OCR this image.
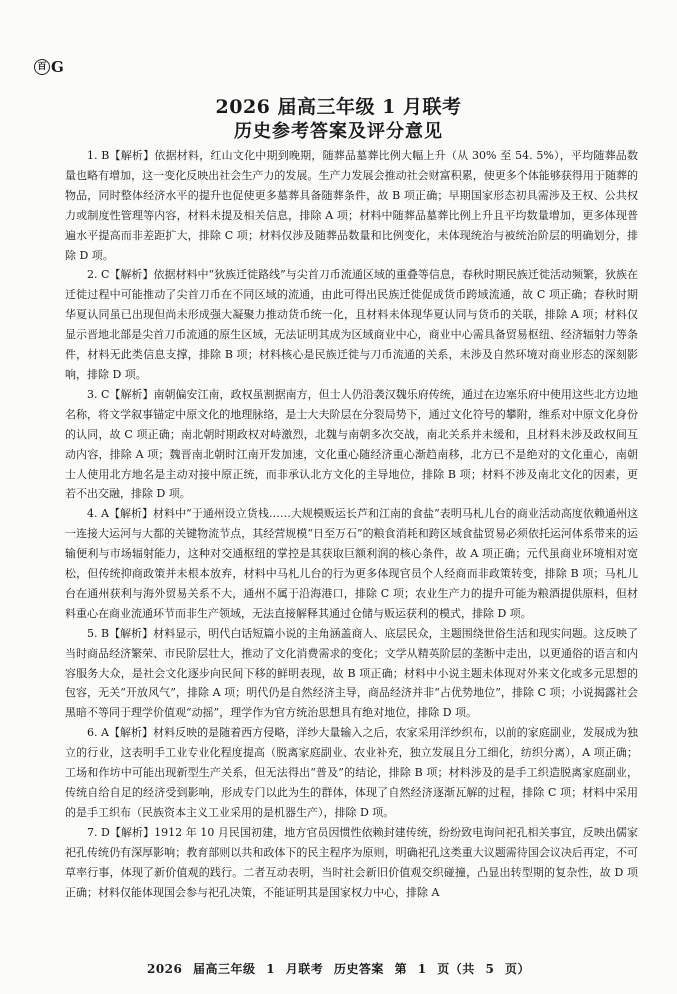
百 G
2026 届高三年级 1 月联考
历史参考答案及评分意见

1. B【解析】依据材料，红山文化中期到晚期，随葬品墓葬比例大幅上升（从 30% 至 54. 5%），平均随葬品数量也略有增加，这一变化反映出社会生产力的发展。生产力发展会推动社会财富积累，使更多个体能够获得用于随葬的物品，同时整体经济水平的提升也促使更多墓葬具备随葬条件，故 B 项正确；早期国家形态初具需涉及王权、公共权力或制度性管理等内容，材料未提及相关信息，排除 A 项；材料中随葬品墓葬比例上升且平均数量增加，更多体现普遍水平提高而非差距扩大，排除 C 项；材料仅涉及随葬品数量和比例变化，未体现统治与被统治阶层的明确划分，排除 D 项。

2. C【解析】依据材料中“狄族迁徙路线”与尖首刀币流通区域的重叠等信息，春秋时期民族迁徙活动频繁，狄族在迁徙过程中可能推动了尖首刀币在不同区域的流通，由此可得出民族迁徙促成货币跨域流通，故 C 项正确；春秋时期华夏认同虽已出现但尚未形成强大凝聚力推动货币统一化，且材料未体现华夏认同与货币的关联，排除 A 项；材料仅显示晋地北部是尖首刀币流通的原生区域，无法证明其成为区域商业中心，商业中心需具备贸易枢纽、经济辐射力等条件，材料无此类信息支撑，排除 B 项；材料核心是民族迁徙与刀币流通的关系，未涉及自然环境对商业形态的深刻影响，排除 D 项。

3. C【解析】南朝偏安江南，政权虽割据南方，但士人仍沿袭汉魏乐府传统，通过在边塞乐府中使用这些北方边地名称，将文学叙事锚定中原文化的地理脉络，是士大夫阶层在分裂局势下，通过文化符号的攀附，维系对中原文化身份的认同，故 C 项正确；南北朝时期政权对峙激烈，北魏与南朝多次交战，南北关系并未缓和，且材料未涉及政权间互动内容，排除 A 项；魏晋南北朝时江南开发加速，文化重心随经济重心渐趋南移，北方已不是绝对的文化重心，南朝士人使用北方地名是主动对接中原正统，而非承认北方文化的主导地位，排除 B 项；材料不涉及南北文化的因素，更若不出交融，排除 D 项。

4. A【解析】材料中“于通州设立货栈……大规模贩运长芦和江南的食盐”表明马札儿台的商业活动高度依赖通州这一连接大运河与大都的关键物流节点，其经营规模“日至万石”的粮食消耗和跨区域食盐贸易必须依托运河体系带来的运输便利与市场辐射能力，这种对交通枢纽的掌控是其获取巨额利润的核心条件，故 A 项正确；元代虽商业环境相对宽松，但传统抑商政策并未根本放弃，材料中马札儿台的行为更多体现官员个人经商而非政策转变，排除 B 项；马札儿台在通州获利与海外贸易关系不大，通州不属于沿海港口，排除 C 项；农业生产力的提升可能为粮酒提供原料，但材料重心在商业流通环节而非生产领域，无法直接解释其通过仓储与贩运获利的模式，排除 D 项。

5. B【解析】材料显示，明代白话短篇小说的主角涵盖商人、底层民众，主题围绕世俗生活和现实问题。这反映了当时商品经济繁荣、市民阶层壮大，推动了文化消费需求的变化；文学从精英阶层的垄断中走出，以更通俗的语言和内容服务大众，是社会文化逐步向民间下移的鲜明表现，故 B 项正确；材料中小说主题未体现对外来文化或多元思想的包容，无关“开放风气”，排除 A 项；明代仍是自然经济主导，商品经济并非“占优势地位”，排除 C 项；小说揭露社会黑暗不等同于理学价值观“动摇”，理学作为官方统治思想具有绝对地位，排除 D 项。

6. A【解析】材料反映的是随着西方侵略，洋纱大量输入之后，农家采用洋纱织布，以前的家庭副业，发展成为独立的行业，这表明手工业专业化程度提高（脱离家庭副业、农业补充，独立发展且分工细化，纺织分离），A 项正确；工场和作坊中可能出现新型生产关系，但无法得出“普及”的结论，排除 B 项；材料涉及的是手工织造脱离家庭副业，传统自给自足的经济受到影响，形成专门以此为生的群体，体现了自然经济逐渐瓦解的过程，排除 C 项；材料中采用的是手工织布（民族资本主义工业采用的是机器生产），排除 D 项。

7. D【解析】1912 年 10 月民国初建，地方官员因惯性依赖封建传统，纷纷致电询问祀孔相关事宜，反映出儒家祀孔传统仍有深厚影响；教育部则以共和政体下的民主程序为原则，明确祀孔这类重大议题需待国会议决后再定，不可草率行事，体现了新价值观的践行。二者互动表明，当时社会新旧价值观交织碰撞，凸显出转型期的复杂性，故 D 项正确；材料仅能体现国会参与祀孔决策，不能证明其是国家权力中心，排除 A

2026 届高三年级 1 月联考 历史答案 第 1 页（共 5 页）
